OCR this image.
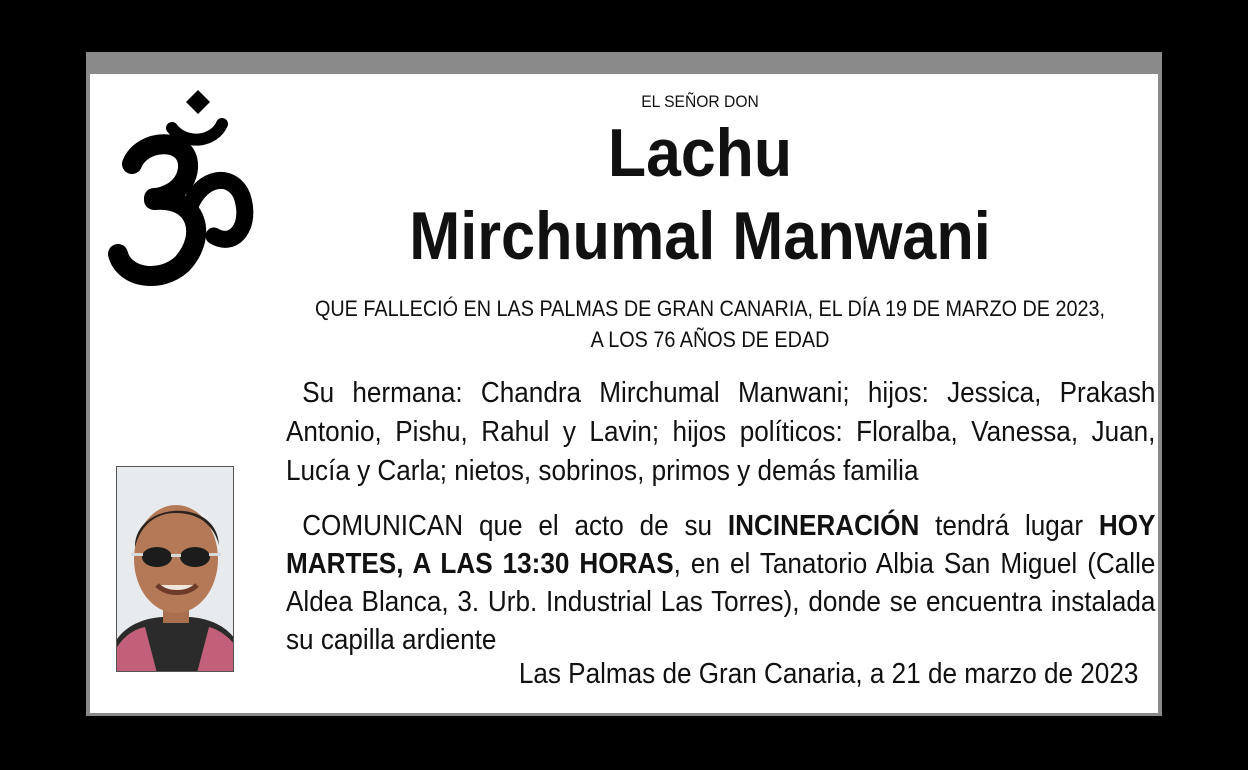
EL SEÑOR DON
Lachu
Mirchumal Manwani
QUE FALLECIÓ EN LAS PALMAS DE GRAN CANARIA, EL DÍA 19 DE MARZO DE 2023,
A LOS 76 AÑOS DE EDAD
Su hermana: Chandra Mirchumal Manwani; hijos: Jessica, Prakash Antonio, Pishu, Rahul y Lavin; hijos políticos: Floralba, Vanessa, Juan, Lucía y Carla; nietos, sobrinos, primos y demás familia
COMUNICAN que el acto de su INCINERACIÓN tendrá lugar HOY MARTES, A LAS 13:30 HORAS, en el Tanatorio Albia San Miguel (Calle Aldea Blanca, 3. Urb. Industrial Las Torres), donde se encuentra instalada su capilla ardiente
Las Palmas de Gran Canaria, a 21 de marzo de 2023
